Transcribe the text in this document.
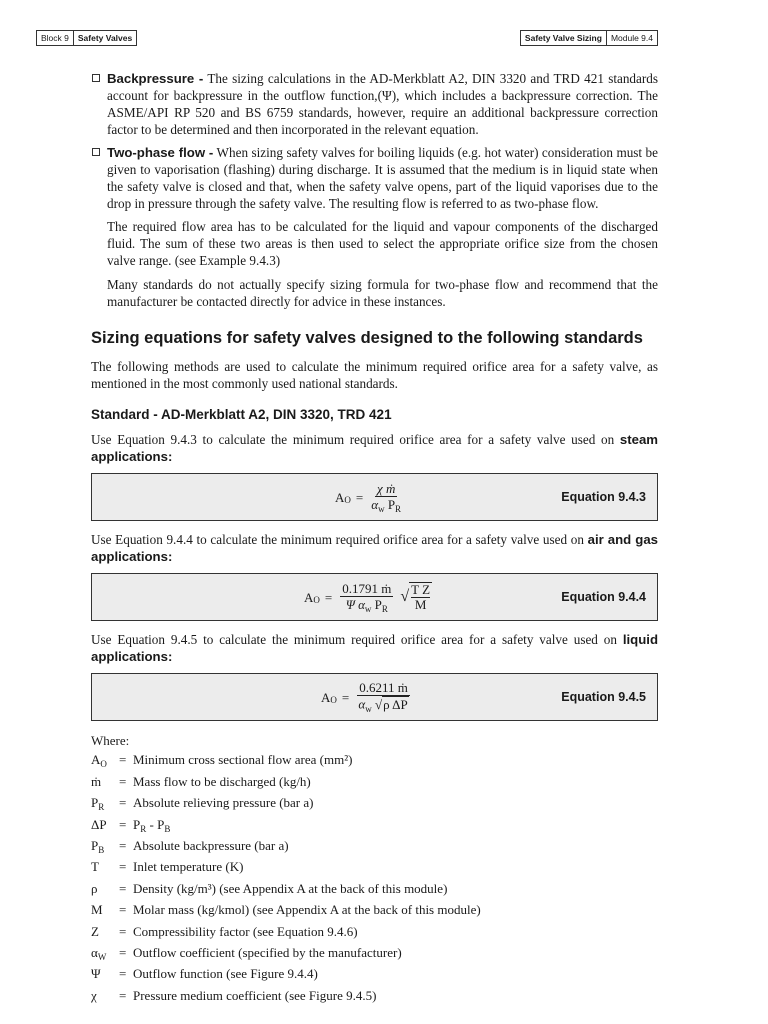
Block 9	Safety Valves	Safety Valve Sizing	Module 9.4
Backpressure - The sizing calculations in the AD-Merkblatt A2, DIN 3320 and TRD 421 standards account for backpressure in the outflow function,(Ψ), which includes a backpressure correction. The ASME/API RP 520 and BS 6759 standards, however, require an additional backpressure correction factor to be determined and then incorporated in the relevant equation.
Two-phase flow - When sizing safety valves for boiling liquids (e.g. hot water) consideration must be given to vaporisation (flashing) during discharge. It is assumed that the medium is in liquid state when the safety valve is closed and that, when the safety valve opens, part of the liquid vaporises due to the drop in pressure through the safety valve. The resulting flow is referred to as two-phase flow.
The required flow area has to be calculated for the liquid and vapour components of the discharged fluid. The sum of these two areas is then used to select the appropriate orifice size from the chosen valve range. (see Example 9.4.3)
Many standards do not actually specify sizing formula for two-phase flow and recommend that the manufacturer be contacted directly for advice in these instances.
Sizing equations for safety valves designed to the following standards
The following methods are used to calculate the minimum required orifice area for a safety valve, as mentioned in the most commonly used national standards.
Standard - AD-Merkblatt A2, DIN 3320, TRD 421
Use Equation 9.4.3 to calculate the minimum required orifice area for a safety valve used on steam applications:
A $O = \frac{\text{χ ṁ}}{\alpha_w P_R}$	Equation 9.4.3
Use Equation 9.4.4 to calculate the minimum required orifice area for a safety valve used on air and gas applications:
A $O = \frac{\text{0.1791 ṁ}}{\Psi \alpha_w P_R}$ √ T Z
M	Equation 9.4.4
Use Equation 9.4.5 to calculate the minimum required orifice area for a safety valve used on liquid applications:
A $O = \frac{\text{0.6211 ṁ}}{\alpha_w √ \rho \Delta P}$	Equation 9.4.5
Where:
$A_O$ = Minimum cross sectional flow area (mm²)
ṁ	= Mass flow to be discharged (kg/h)
$P_R$	= Absolute relieving pressure (bar a)
$\Delta P = P_R - P_B$
$P_B$	= Absolute backpressure (bar a)
T	= Inlet temperature (K)
ρ	= Density (kg/m³) (see Appendix A at the back of this module)
M	= Molar mass (kg/kmol) (see Appendix A at the back of this module)
Z	= Compressibility factor (see Equation 9.4.6)
$\alpha_W$ = Outflow coefficient (specified by the manufacturer)
Ψ	= Outflow function (see Figure 9.4.4)
χ	= Pressure medium coefficient (see Figure 9.4.5)
